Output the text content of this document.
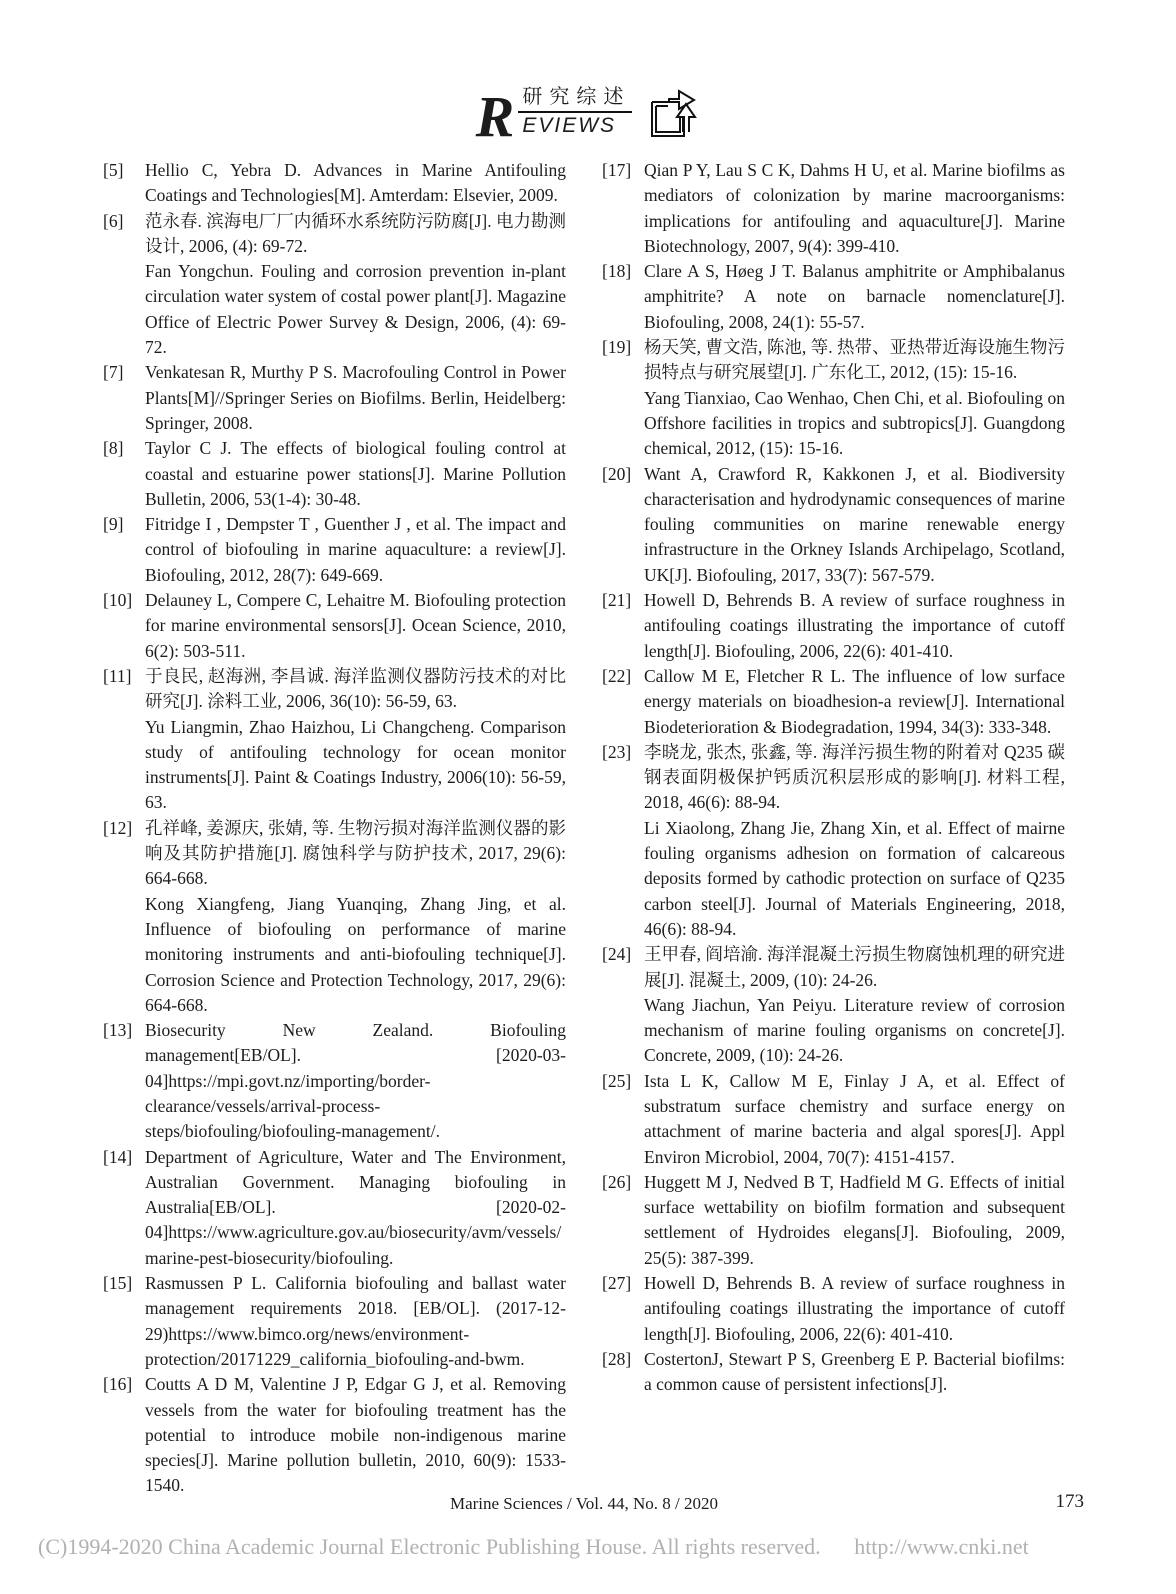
R 研究综述
EVIEWS
[5]	Hellio C, Yebra D. Advances in Marine Antifouling Coatings and Technologies[M]. Amterdam: Elsevier, 2009.
[6]	范永春. 滨海电厂厂内循环水系统防污防腐[J]. 电力勘测设计, 2006, (4): 69-72.
Fan Yongchun. Fouling and corrosion prevention in-plant circulation water system of costal power plant[J]. Magazine Office of Electric Power Survey & Design, 2006, (4): 69-72.
[7]	Venkatesan R, Murthy P S. Macrofouling Control in Power Plants[M]//Springer Series on Biofilms. Berlin, Heidelberg: Springer, 2008.
[8]	Taylor C J. The effects of biological fouling control at coastal and estuarine power stations[J]. Marine Pollution Bulletin, 2006, 53(1-4): 30-48.
[9]	Fitridge I , Dempster T , Guenther J , et al. The impact and control of biofouling in marine aquaculture: a review[J]. Biofouling, 2012, 28(7): 649-669.
[10] Delauney L, Compere C, Lehaitre M. Biofouling protection for marine environmental sensors[J]. Ocean Science, 2010, 6(2): 503-511.
[11] 于良民, 赵海洲, 李昌诚. 海洋监测仪器防污技术的对比研究[J]. 涂料工业, 2006, 36(10): 56-59, 63.
Yu Liangmin, Zhao Haizhou, Li Changcheng. Comparison study of antifouling technology for ocean monitor instruments[J]. Paint & Coatings Industry, 2006(10): 56-59, 63.
[12] 孔祥峰, 姜源庆, 张婧, 等. 生物污损对海洋监测仪器的影响及其防护措施[J]. 腐蚀科学与防护技术, 2017, 29(6): 664-668.
Kong Xiangfeng, Jiang Yuanqing, Zhang Jing, et al. Influence of biofouling on performance of marine monitoring instruments and anti-biofouling technique[J]. Corrosion Science and Protection Technology, 2017, 29(6): 664-668.
[13] Biosecurity New Zealand. Biofouling management[EB/OL]. [2020-03-04]https://mpi.govt.nz/importing/border-clearance/vessels/arrival-process-steps/biofouling/biofouling-management/.
[14] Department of Agriculture, Water and The Environment, Australian Government. Managing biofouling in Australia[EB/OL]. [2020-02-04]https://www.agriculture.gov.au/biosecurity/avm/vessels/marine-pest-biosecurity/biofouling.
[15] Rasmussen P L. California biofouling and ballast water management requirements 2018. [EB/OL]. (2017-12-29)https://www.bimco.org/news/environment-protection/20171229_california_biofouling-and-bwm.
[16] Coutts A D M, Valentine J P, Edgar G J, et al. Removing vessels from the water for biofouling treatment has the potential to introduce mobile non-indigenous marine species[J]. Marine pollution bulletin, 2010, 60(9): 1533-1540.
[17] Qian P Y, Lau S C K, Dahms H U, et al. Marine biofilms as mediators of colonization by marine macroorganisms: implications for antifouling and aquaculture[J]. Marine Biotechnology, 2007, 9(4): 399-410.
[18] Clare A S, Høeg J T. Balanus amphitrite or Amphibalanus amphitrite? A note on barnacle nomenclature[J]. Biofouling, 2008, 24(1): 55-57.
[19] 杨天笑, 曹文浩, 陈池, 等. 热带、亚热带近海设施生物污损特点与研究展望[J]. 广东化工, 2012, (15): 15-16.
Yang Tianxiao, Cao Wenhao, Chen Chi, et al. Biofouling on Offshore facilities in tropics and subtropics[J]. Guangdong chemical, 2012, (15): 15-16.
[20] Want A, Crawford R, Kakkonen J, et al. Biodiversity characterisation and hydrodynamic consequences of marine fouling communities on marine renewable energy infrastructure in the Orkney Islands Archipelago, Scotland, UK[J]. Biofouling, 2017, 33(7): 567-579.
[21] Howell D, Behrends B. A review of surface roughness in antifouling coatings illustrating the importance of cutoff length[J]. Biofouling, 2006, 22(6): 401-410.
[22] Callow M E, Fletcher R L. The influence of low surface energy materials on bioadhesion-a review[J]. International Biodeterioration & Biodegradation, 1994, 34(3): 333-348.
[23] 李晓龙, 张杰, 张鑫, 等. 海洋污损生物的附着对 Q235 碳钢表面阴极保护钙质沉积层形成的影响[J]. 材料工程, 2018, 46(6): 88-94.
Li Xiaolong, Zhang Jie, Zhang Xin, et al. Effect of mairne fouling organisms adhesion on formation of calcareous deposits formed by cathodic protection on surface of Q235 carbon steel[J]. Journal of Materials Engineering, 2018, 46(6): 88-94.
[24] 王甲春, 阎培渝. 海洋混凝土污损生物腐蚀机理的研究进展[J]. 混凝土, 2009, (10): 24-26.
Wang Jiachun, Yan Peiyu. Literature review of corrosion mechanism of marine fouling organisms on concrete[J]. Concrete, 2009, (10): 24-26.
[25] Ista L K, Callow M E, Finlay J A, et al. Effect of substratum surface chemistry and surface energy on attachment of marine bacteria and algal spores[J]. Appl Environ Microbiol, 2004, 70(7): 4151-4157.
[26] Huggett M J, Nedved B T, Hadfield M G. Effects of initial surface wettability on biofilm formation and subsequent settlement of Hydroides elegans[J]. Biofouling, 2009, 25(5): 387-399.
[27] Howell D, Behrends B. A review of surface roughness in antifouling coatings illustrating the importance of cutoff length[J]. Biofouling, 2006, 22(6): 401-410.
[28] CostertonJ, Stewart P S, Greenberg E P. Bacterial biofilms: a common cause of persistent infections[J].
Marine Sciences / Vol. 44, No. 8 / 2020	173
(C)1994-2020 China Academic Journal Electronic Publishing House. All rights reserved. http://www.cnki.net
